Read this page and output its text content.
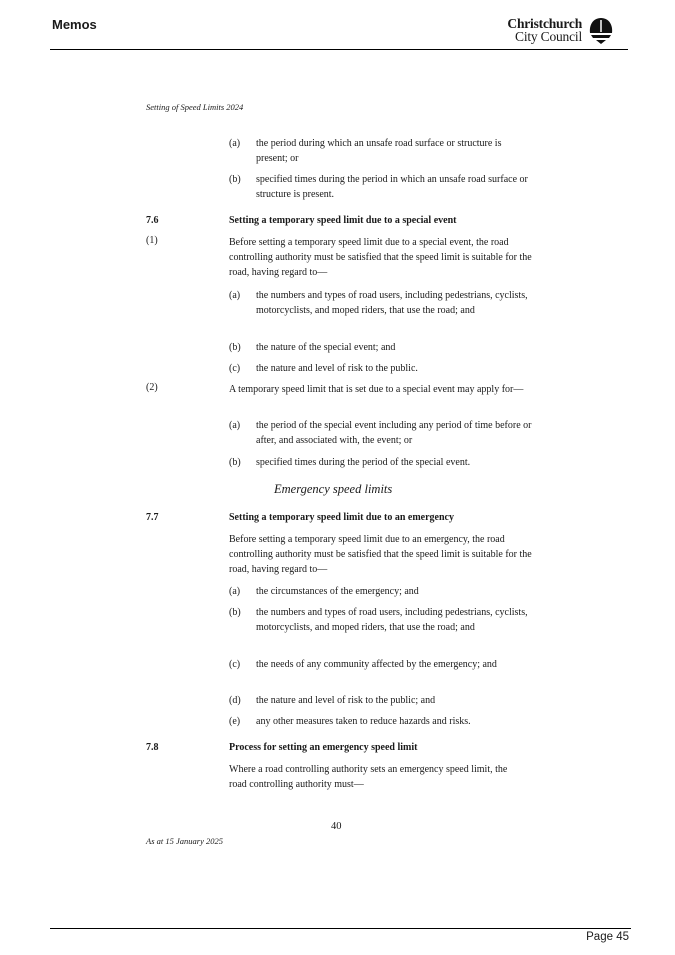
Memos	Christchurch
City Council
Setting of Speed Limits 2024
(a)	the period during which an unsafe road surface or structure is present; or
(b)	specified times during the period in which an unsafe road surface or structure is present.
7.6	Setting a temporary speed limit due to a special event
(1)	Before setting a temporary speed limit due to a special event, the road controlling authority must be satisfied that the speed limit is suitable for the road, having regard to—
(a)	the numbers and types of road users, including pedestrians, cyclists, motorcyclists, and moped riders, that use the road; and
(b)	the nature of the special event; and
(c)	the nature and level of risk to the public.
(2)	A temporary speed limit that is set due to a special event may apply for—
(a)	the period of the special event including any period of time before or after, and associated with, the event; or
(b)	specified times during the period of the special event.
Emergency speed limits
7.7	Setting a temporary speed limit due to an emergency
Before setting a temporary speed limit due to an emergency, the road controlling authority must be satisfied that the speed limit is suitable for the road, having regard to—
(a)	the circumstances of the emergency; and
(b)	the numbers and types of road users, including pedestrians, cyclists, motorcyclists, and moped riders, that use the road; and
(c)	the needs of any community affected by the emergency; and
(d)	the nature and level of risk to the public; and
(e)	any other measures taken to reduce hazards and risks.
7.8	Process for setting an emergency speed limit
Where a road controlling authority sets an emergency speed limit, the road controlling authority must—
40
As at 15 January 2025
Page 45
